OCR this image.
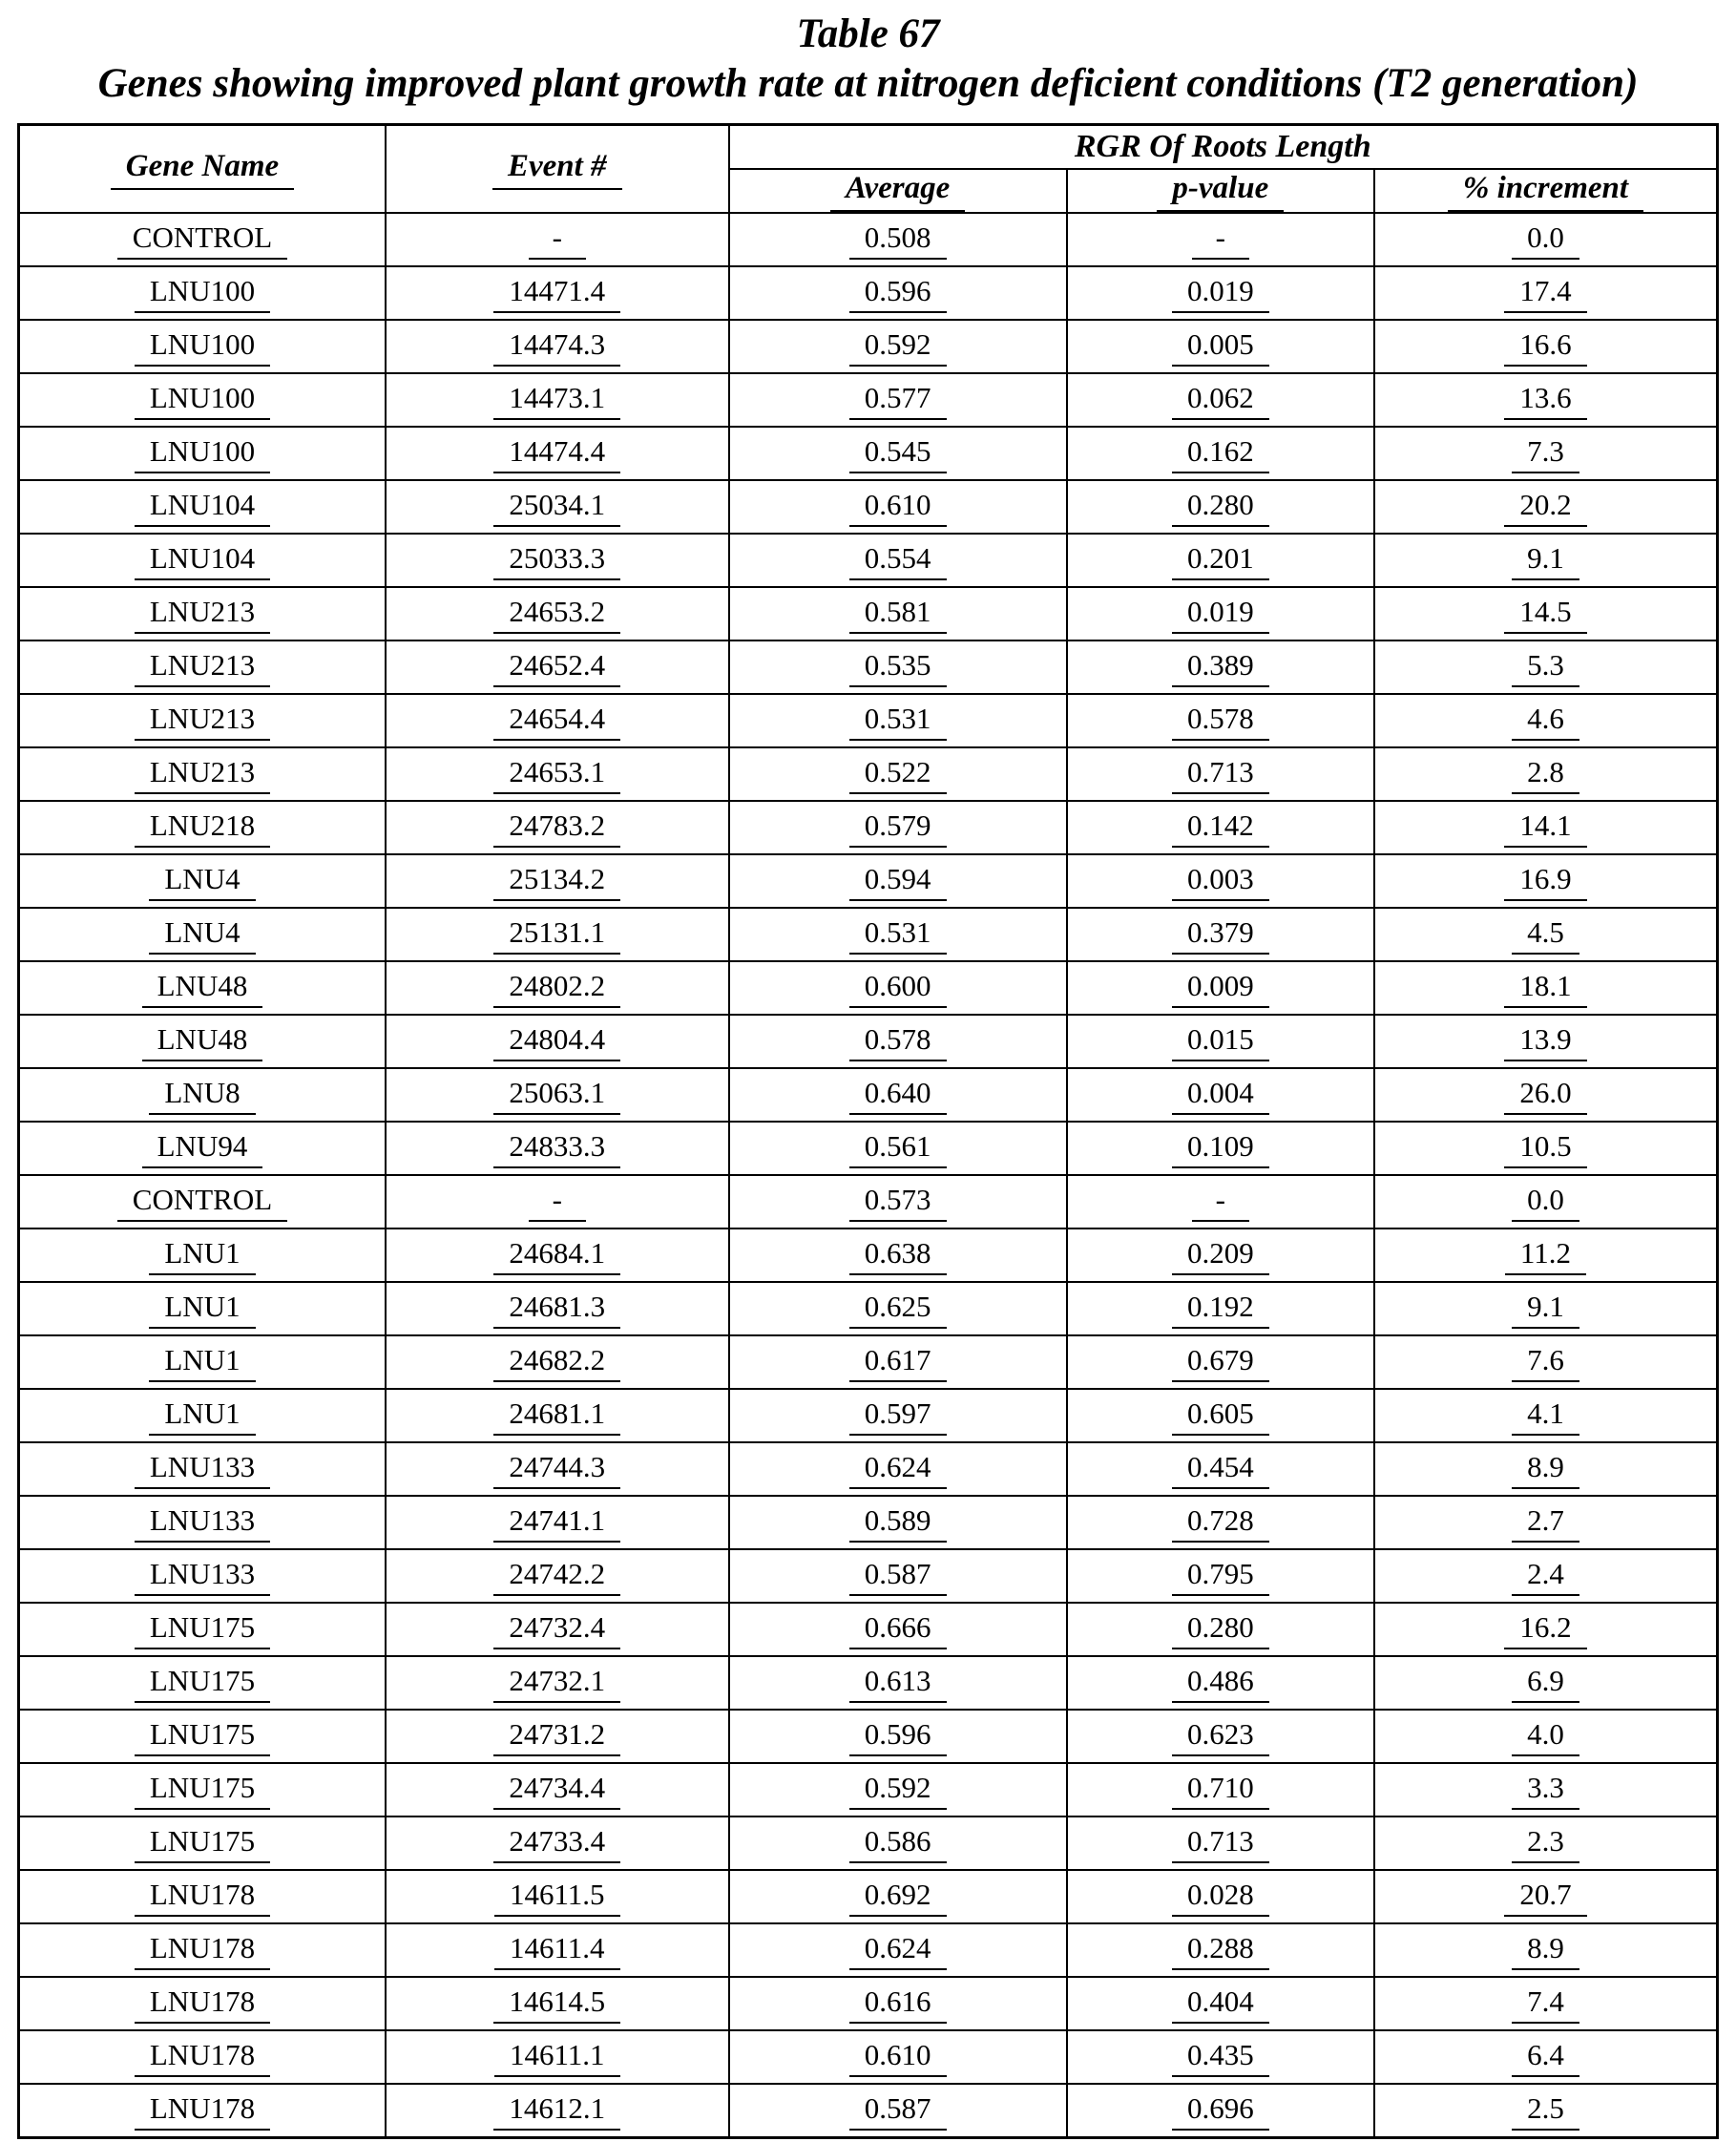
Table 67
Genes showing improved plant growth rate at nitrogen deficient conditions (T2 generation)
Gene Name	Event #	RGR Of Roots Length		
		Average	p-value	% increment
CONTROL	-	0.508	-	0.0
LNU100	14471.4	0.596	0.019	17.4
LNU100	14474.3	0.592	0.005	16.6
LNU100	14473.1	0.577	0.062	13.6
LNU100	14474.4	0.545	0.162	7.3
LNU104	25034.1	0.610	0.280	20.2
LNU104	25033.3	0.554	0.201	9.1
LNU213	24653.2	0.581	0.019	14.5
LNU213	24652.4	0.535	0.389	5.3
LNU213	24654.4	0.531	0.578	4.6
LNU213	24653.1	0.522	0.713	2.8
LNU218	24783.2	0.579	0.142	14.1
LNU4	25134.2	0.594	0.003	16.9
LNU4	25131.1	0.531	0.379	4.5
LNU48	24802.2	0.600	0.009	18.1
LNU48	24804.4	0.578	0.015	13.9
LNU8	25063.1	0.640	0.004	26.0
LNU94	24833.3	0.561	0.109	10.5
CONTROL	-	0.573	-	0.0
LNU1	24684.1	0.638	0.209	11.2
LNU1	24681.3	0.625	0.192	9.1
LNU1	24682.2	0.617	0.679	7.6
LNU1	24681.1	0.597	0.605	4.1
LNU133	24744.3	0.624	0.454	8.9
LNU133	24741.1	0.589	0.728	2.7
LNU133	24742.2	0.587	0.795	2.4
LNU175	24732.4	0.666	0.280	16.2
LNU175	24732.1	0.613	0.486	6.9
LNU175	24731.2	0.596	0.623	4.0
LNU175	24734.4	0.592	0.710	3.3
LNU175	24733.4	0.586	0.713	2.3
LNU178	14611.5	0.692	0.028	20.7
LNU178	14611.4	0.624	0.288	8.9
LNU178	14614.5	0.616	0.404	7.4
LNU178	14611.1	0.610	0.435	6.4
LNU178	14612.1	0.587	0.696	2.5
